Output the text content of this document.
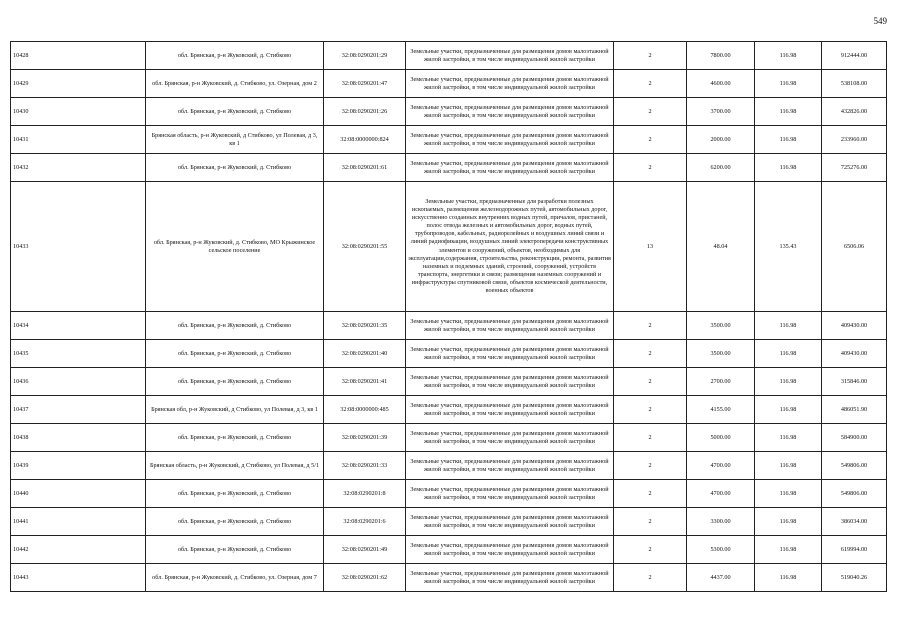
549
10428	обл. Брянская, р-н Жуковский, д. Стибково	32:08:0290201:29	Земельные участки, предназначенные для размещения домов малоэтажной жилой застройки, в том числе индивидуальной жилой застройки	2	7800.00	116.98	912444.00
10429	обл. Брянская, р-н Жуковский, д. Стибково, ул. Озерная, дом 2	32:08:0290201:47	Земельные участки, предназначенные для размещения домов малоэтажной жилой застройки, в том числе индивидуальной жилой застройки	2	4600.00	116.98	538108.00
10430	обл. Брянская, р-н Жуковский, д. Стибково	32:08:0290201:26	Земельные участки, предназначенные для размещения домов малоэтажной жилой застройки, в том числе индивидуальной жилой застройки	2	3700.00	116.98	432826.00
10431	Брянская область, р-н Жуковский, д Стибково, ул Полевая, д 3, кв 1	32:08:0000000:824	Земельные участки, предназначенные для размещения домов малоэтажной жилой застройки, в том числе индивидуальной жилой застройки	2	2000.00	116.98	233960.00
10432	обл. Брянская, р-н Жуковский, д. Стибково	32:08:0290201:61	Земельные участки, предназначенные для размещения домов малоэтажной жилой застройки, в том числе индивидуальной жилой застройки	2	6200.00	116.98	725276.00
10433	обл. Брянская, р-н Жуковский, д. Стибково, МО Крыжинское сельское поселение	32:08:0290201:55	Земельные участки, предназначенные для разработки полезных ископаемых, размещения железнодорожных путей, автомобильных дорог, искусственно созданных внутренних водных путей, причалов, пристаней, полос отвода железных и автомобильных дорог, водных путей, трубопроводов, кабельных, радиорелейных и воздушных линий связи и линий радиофикации, воздушных линий электропередачи конструктивных элементов и сооружений, объектов, необходимых для эксплуатации,содержания, строительства, реконструкции, ремонта, развития наземных и подземных зданий, строений, сооружений, устройств транспорта, энергетики и связи; размещения наземных сооружений и инфраструктуры спутниковой связи, объектов космической деятельности, военных объектов	13	48.04	135.43	6506.06
10434	обл. Брянская, р-н Жуковский, д. Стибково	32:08:0290201:35	Земельные участки, предназначенные для размещения домов малоэтажной жилой застройки, в том числе индивидуальной жилой застройки	2	3500.00	116.98	409430.00
10435	обл. Брянская, р-н Жуковский, д. Стибково	32:08:0290201:40	Земельные участки, предназначенные для размещения домов малоэтажной жилой застройки, в том числе индивидуальной жилой застройки	2	3500.00	116.98	409430.00
10436	обл. Брянская, р-н Жуковский, д. Стибково	32:08:0290201:41	Земельные участки, предназначенные для размещения домов малоэтажной жилой застройки, в том числе индивидуальной жилой застройки	2	2700.00	116.98	315846.00
10437	Брянская обл, р-н Жуковский, д Стибково, ул Полевая, д 3, кв 1	32:08:0000000:485	Земельные участки, предназначенные для размещения домов малоэтажной жилой застройки, в том числе индивидуальной жилой застройки	2	4155.00	116.98	486051.90
10438	обл. Брянская, р-н Жуковский, д. Стибково	32:08:0290201:39	Земельные участки, предназначенные для размещения домов малоэтажной жилой застройки, в том числе индивидуальной жилой застройки	2	5000.00	116.98	584900.00
10439	Брянская область, р-н Жуковский, д Стибково, ул Полевая, д 5/1	32:08:0290201:33	Земельные участки, предназначенные для размещения домов малоэтажной жилой застройки, в том числе индивидуальной жилой застройки	2	4700.00	116.98	549806.00
10440	обл. Брянская, р-н Жуковский, д. Стибково	32:08:0290201:8	Земельные участки, предназначенные для размещения домов малоэтажной жилой застройки, в том числе индивидуальной жилой застройки	2	4700.00	116.98	549806.00
10441	обл. Брянская, р-н Жуковский, д. Стибково	32:08:0290201:6	Земельные участки, предназначенные для размещения домов малоэтажной жилой застройки, в том числе индивидуальной жилой застройки	2	3300.00	116.98	386034.00
10442	обл. Брянская, р-н Жуковский, д. Стибково	32:08:0290201:49	Земельные участки, предназначенные для размещения домов малоэтажной жилой застройки, в том числе индивидуальной жилой застройки	2	5300.00	116.98	619994.00
10443	обл. Брянская, р-н Жуковский, д. Стибково, ул. Озерная, дом 7	32:08:0290201:62	Земельные участки, предназначенные для размещения домов малоэтажной жилой застройки, в том числе индивидуальной жилой застройки	2	4437.00	116.98	519040.26
